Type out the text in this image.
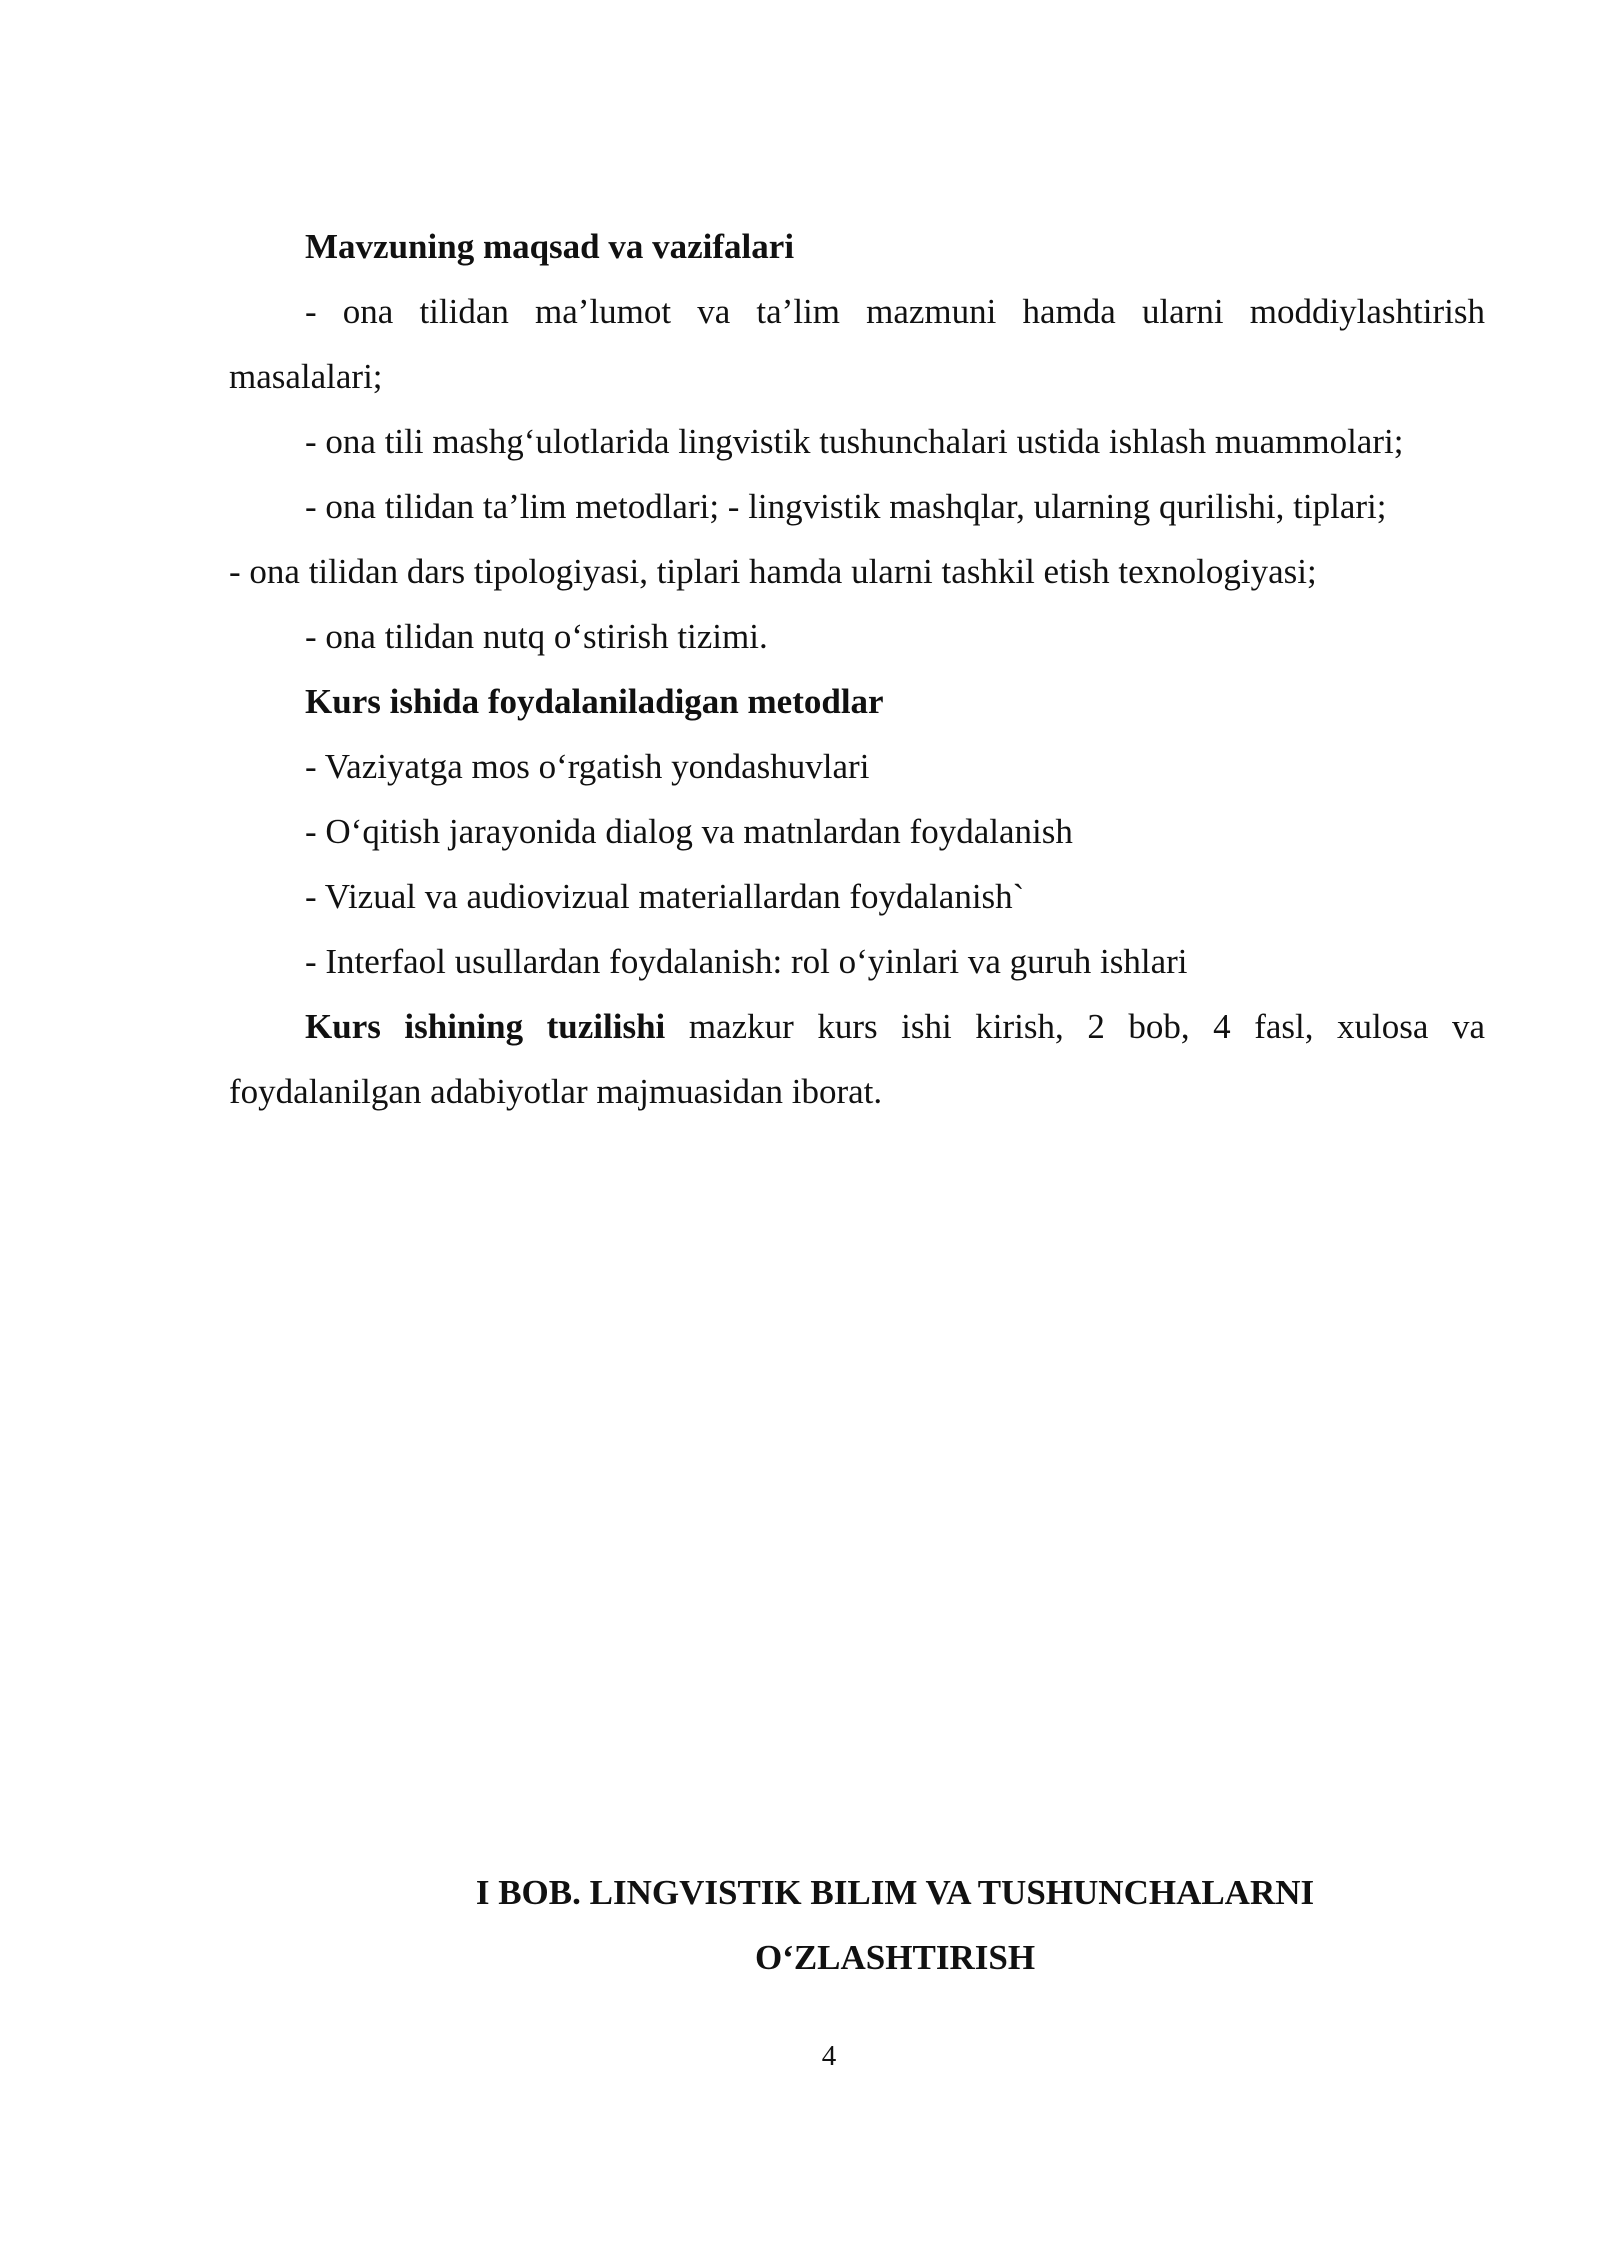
Mavzuning maqsad va vazifalari

- ona tilidan ma’lumot va ta’lim mazmuni hamda ularni moddiylashtirish

masalalari;

- ona tili mashg‘ulotlarida lingvistik tushunchalari ustida ishlash muammolari;

- ona tilidan ta’lim metodlari; - lingvistik mashqlar, ularning qurilishi, tiplari;

- ona tilidan dars tipologiyasi, tiplari hamda ularni tashkil etish texnologiyasi;

- ona tilidan nutq o‘stirish tizimi.

Kurs ishida foydalaniladigan metodlar

- Vaziyatga mos o‘rgatish yondashuvlari

- O‘qitish jarayonida dialog va matnlardan foydalanish

- Vizual va audiovizual materiallardan foydalanish`

- Interfaol usullardan foydalanish: rol o‘yinlari va guruh ishlari

Kurs ishining tuzilishi mazkur kurs ishi kirish, 2 bob, 4 fasl, xulosa va

foydalanilgan adabiyotlar majmuasidan iborat.

I BOB. LINGVISTIK BILIM VA TUSHUNCHALARNI

O‘ZLASHTIRISH

4
